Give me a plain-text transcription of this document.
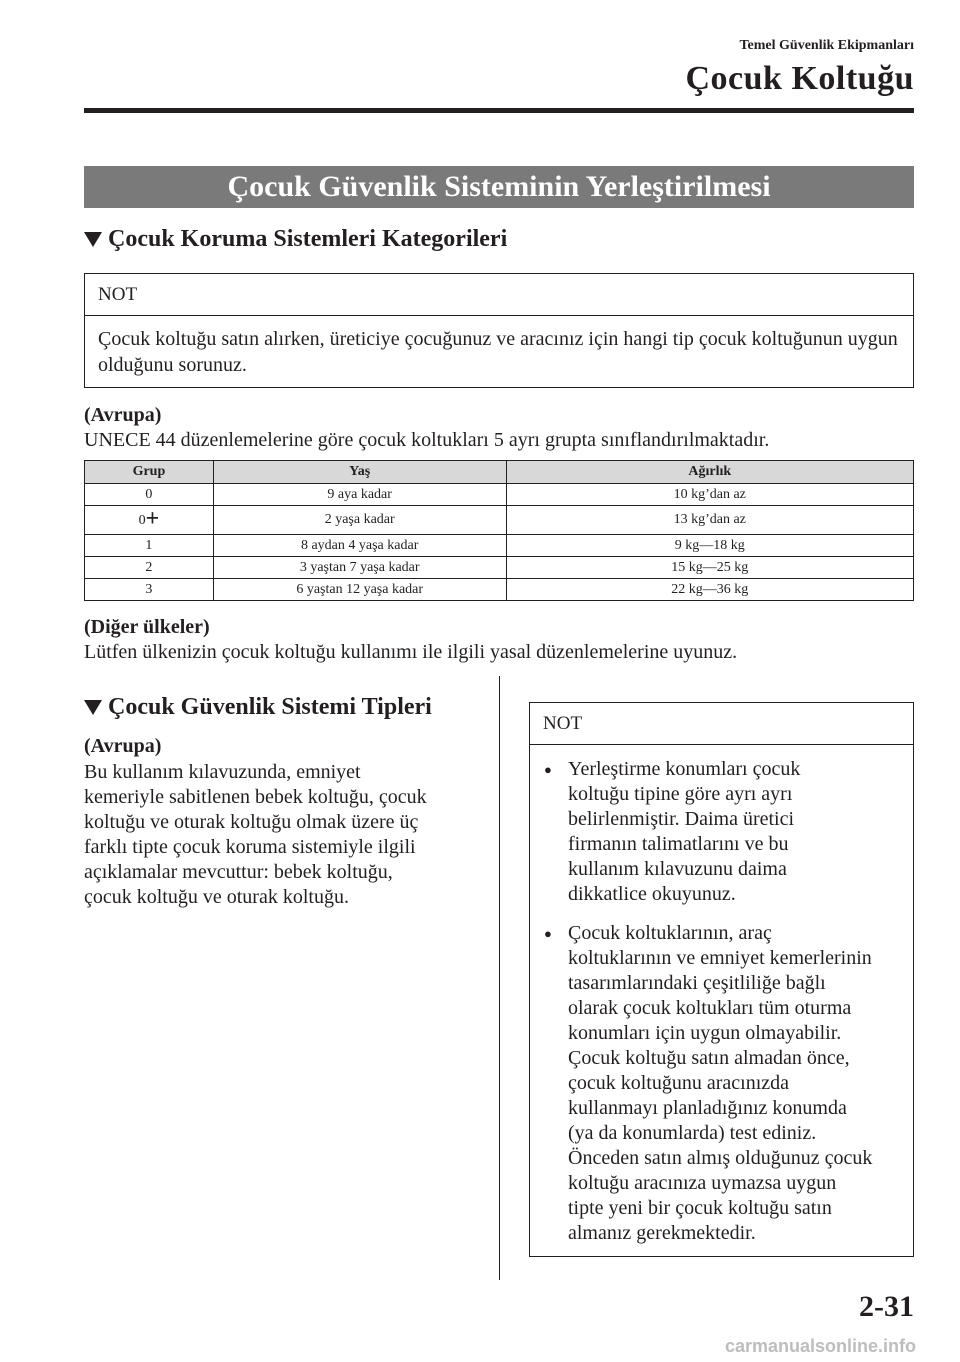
Temel Güvenlik Ekipmanları
Çocuk Koltuğu
Çocuk Güvenlik Sisteminin Yerleştirilmesi
Çocuk Koruma Sistemleri Kategorileri
NOT
Çocuk koltuğu satın alırken, üreticiye çocuğunuz ve aracınız için hangi tip çocuk koltuğunun uygun olduğunu sorunuz.
(Avrupa)
UNECE 44 düzenlemelerine göre çocuk koltukları 5 ayrı grupta sınıflandırılmaktadır.
Grup	Yaş	Ağırlık
0	9 aya kadar	10 kg’dan az
0+	2 yaşa kadar	13 kg’dan az
1	8 aydan 4 yaşa kadar	9 kg—18 kg
2	3 yaştan 7 yaşa kadar	15 kg—25 kg
3	6 yaştan 12 yaşa kadar	22 kg—36 kg
(Diğer ülkeler)
Lütfen ülkenizin çocuk koltuğu kullanımı ile ilgili yasal düzenlemelerine uyunuz.
Çocuk Güvenlik Sistemi Tipleri
(Avrupa)
Bu kullanım kılavuzunda, emniyet
kemeriyle sabitlenen bebek koltuğu, çocuk
koltuğu ve oturak koltuğu olmak üzere üç
farklı tipte çocuk koruma sistemiyle ilgili
açıklamalar mevcuttur: bebek koltuğu,
çocuk koltuğu ve oturak koltuğu.
NOT
● Yerleştirme konumları çocuk
koltuğu tipine göre ayrı ayrı
belirlenmiştir. Daima üretici
firmanın talimatlarını ve bu
kullanım kılavuzunu daima
dikkatlice okuyunuz.
● Çocuk koltuklarının, araç
koltuklarının ve emniyet kemerlerinin
tasarımlarındaki çeşitliliğe bağlı
olarak çocuk koltukları tüm oturma
konumları için uygun olmayabilir.
Çocuk koltuğu satın almadan önce,
çocuk koltuğunu aracınızda
kullanmayı planladığınız konumda
(ya da konumlarda) test ediniz.
Önceden satın almış olduğunuz çocuk
koltuğu aracınıza uymazsa uygun
tipte yeni bir çocuk koltuğu satın
almanız gerekmektedir.
2-31
carmanualsonline.info
